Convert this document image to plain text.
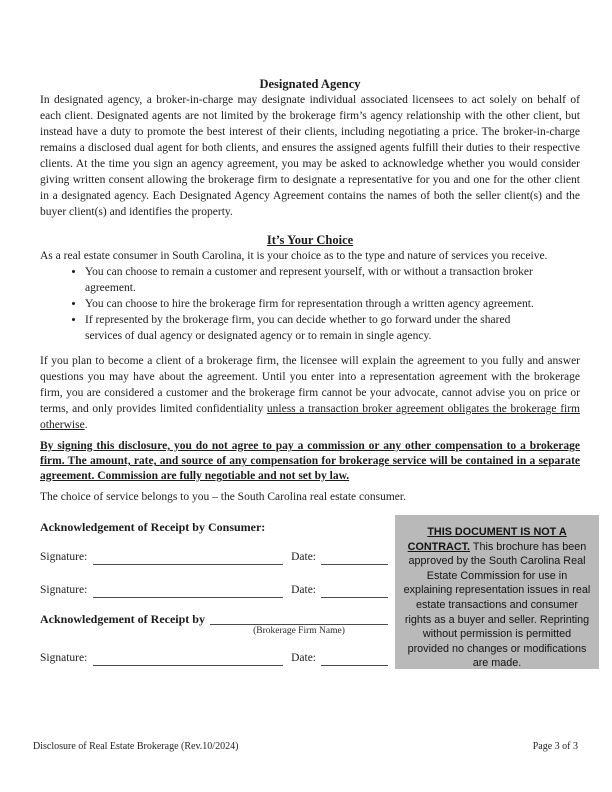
Designated Agency

In designated agency, a broker-in-charge may designate individual associated licensees to act solely on behalf of each client. Designated agents are not limited by the brokerage firm’s agency relationship with the other client, but instead have a duty to promote the best interest of their clients, including negotiating a price. The broker-in-charge remains a disclosed dual agent for both clients, and ensures the assigned agents fulfill their duties to their respective clients. At the time you sign an agency agreement, you may be asked to acknowledge whether you would consider giving written consent allowing the brokerage firm to designate a representative for you and one for the other client in a designated agency. Each Designated Agency Agreement contains the names of both the seller client(s) and the buyer client(s) and identifies the property.

It’s Your Choice

As a real estate consumer in South Carolina, it is your choice as to the type and nature of services you receive.

• You can choose to remain a customer and represent yourself, with or without a transaction broker agreement.
• You can choose to hire the brokerage firm for representation through a written agency agreement.
• If represented by the brokerage firm, you can decide whether to go forward under the shared services of dual agency or designated agency or to remain in single agency.

If you plan to become a client of a brokerage firm, the licensee will explain the agreement to you fully and answer questions you may have about the agreement. Until you enter into a representation agreement with the brokerage firm, you are considered a customer and the brokerage firm cannot be your advocate, cannot advise you on price or terms, and only provides limited confidentiality unless a transaction broker agreement obligates the brokerage firm otherwise.

By signing this disclosure, you do not agree to pay a commission or any other compensation to a brokerage firm. The amount, rate, and source of any compensation for brokerage service will be contained in a separate agreement. Commission are fully negotiable and not set by law.

The choice of service belongs to you – the South Carolina real estate consumer.

Acknowledgement of Receipt by Consumer:
Signature:	Date:
Signature:	Date:
Acknowledgement of Receipt by
(Brokerage Firm Name)
Signature:	Date:
THIS DOCUMENT IS NOT A CONTRACT. This brochure has been approved by the South Carolina Real Estate Commission for use in explaining representation issues in real estate transactions and consumer rights as a buyer and seller. Reprinting without permission is permitted provided no changes or modifications are made.
Disclosure of Real Estate Brokerage (Rev.10/2024)	Page 3 of 3
